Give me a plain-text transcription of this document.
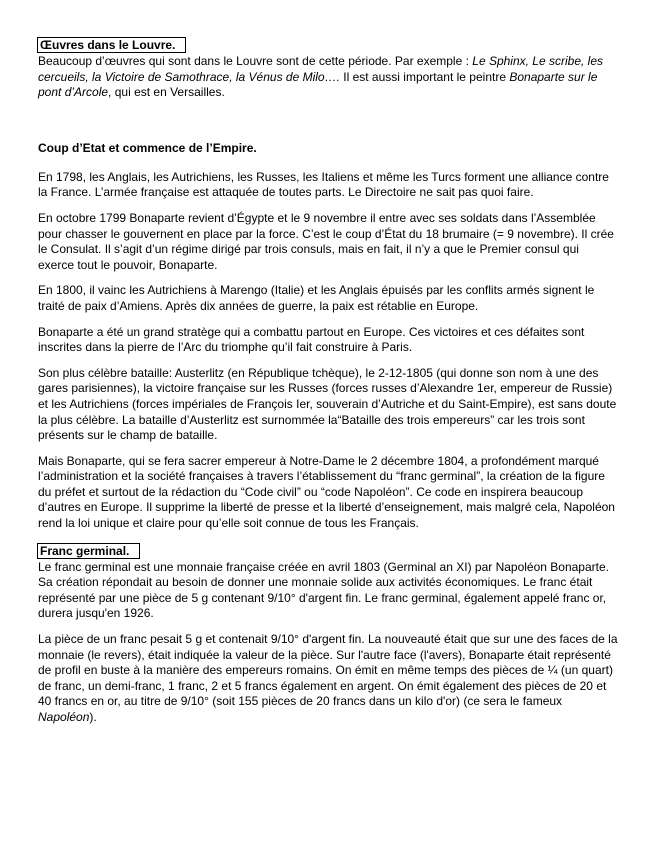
Œuvres dans le Louvre.

Beaucoup d’œuvres qui sont dans le Louvre sont de cette période. Par exemple : Le Sphinx, Le scribe, les cercueils, la Victoire de Samothrace, la Vénus de Milo…. Il est aussi important le peintre Bonaparte sur le pont d’Arcole, qui est en Versailles.

Coup d’Etat et commence de l’Empire.

En 1798, les Anglais, les Autrichiens, les Russes, les Italiens et même les Turcs forment une alliance contre la France. L’armée française est attaquée de toutes parts. Le Directoire ne sait pas quoi faire.

En octobre 1799 Bonaparte revient d’Égypte et le 9 novembre il entre avec ses soldats dans l’Assemblée pour chasser le gouvernent en place par la force. C’est le coup d’État du 18 brumaire (= 9 novembre). Il crée le Consulat. Il s’agit d’un régime dirigé par trois consuls, mais en fait, il n’y a que le Premier consul qui exerce tout le pouvoir, Bonaparte.

En 1800, il vainc les Autrichiens à Marengo (Italie) et les Anglais épuisés par les conflits armés signent le traité de paix d’Amiens. Après dix années de guerre, la paix est rétablie en Europe.

Bonaparte a été un grand stratège qui a combattu partout en Europe. Ces victoires et ces défaites sont inscrites dans la pierre de l’Arc du triomphe qu’il fait construire à Paris.

Son plus célèbre bataille: Austerlitz (en République tchèque), le 2-12-1805 (qui donne son nom à une des gares parisiennes), la victoire française sur les Russes (forces russes d’Alexandre 1er, empereur de Russie) et les Autrichiens (forces impériales de François Ier, souverain d’Autriche et du Saint-Empire), est sans doute la plus célèbre. La bataille d’Austerlitz est surnommée la“Bataille des trois empereurs” car les trois sont présents sur le champ de bataille.

Mais Bonaparte, qui se fera sacrer empereur à Notre-Dame le 2 décembre 1804, a profondément marqué l’administration et la société françaises à travers l’établissement du “franc germinal”, la création de la figure du préfet et surtout de la rédaction du “Code civil” ou “code Napoléon”. Ce code en inspirera beaucoup d’autres en Europe. Il supprime la liberté de presse et la liberté d’enseignement, mais malgré cela, Napoléon rend la loi unique et claire pour qu’elle soit connue de tous les Français.

Franc germinal.

Le franc germinal est une monnaie française créée en avril 1803 (Germinal an XI) par Napoléon Bonaparte. Sa création répondait au besoin de donner une monnaie solide aux activités économiques. Le franc était représenté par une pièce de 5 g contenant 9/10° d'argent fin. Le franc germinal, également appelé franc or, durera jusqu'en 1926.

La pièce de un franc pesait 5 g et contenait 9/10° d'argent fin. La nouveauté était que sur une des faces de la monnaie (le revers), était indiquée la valeur de la pièce. Sur l'autre face (l'avers), Bonaparte était représenté de profil en buste à la manière des empereurs romains. On émit en même temps des pièces de ¼ (un quart) de franc, un demi-franc, 1 franc, 2 et 5 francs également en argent. On émit également des pièces de 20 et 40 francs en or, au titre de 9/10° (soit 155 pièces de 20 francs dans un kilo d'or) (ce sera le fameux Napoléon).
